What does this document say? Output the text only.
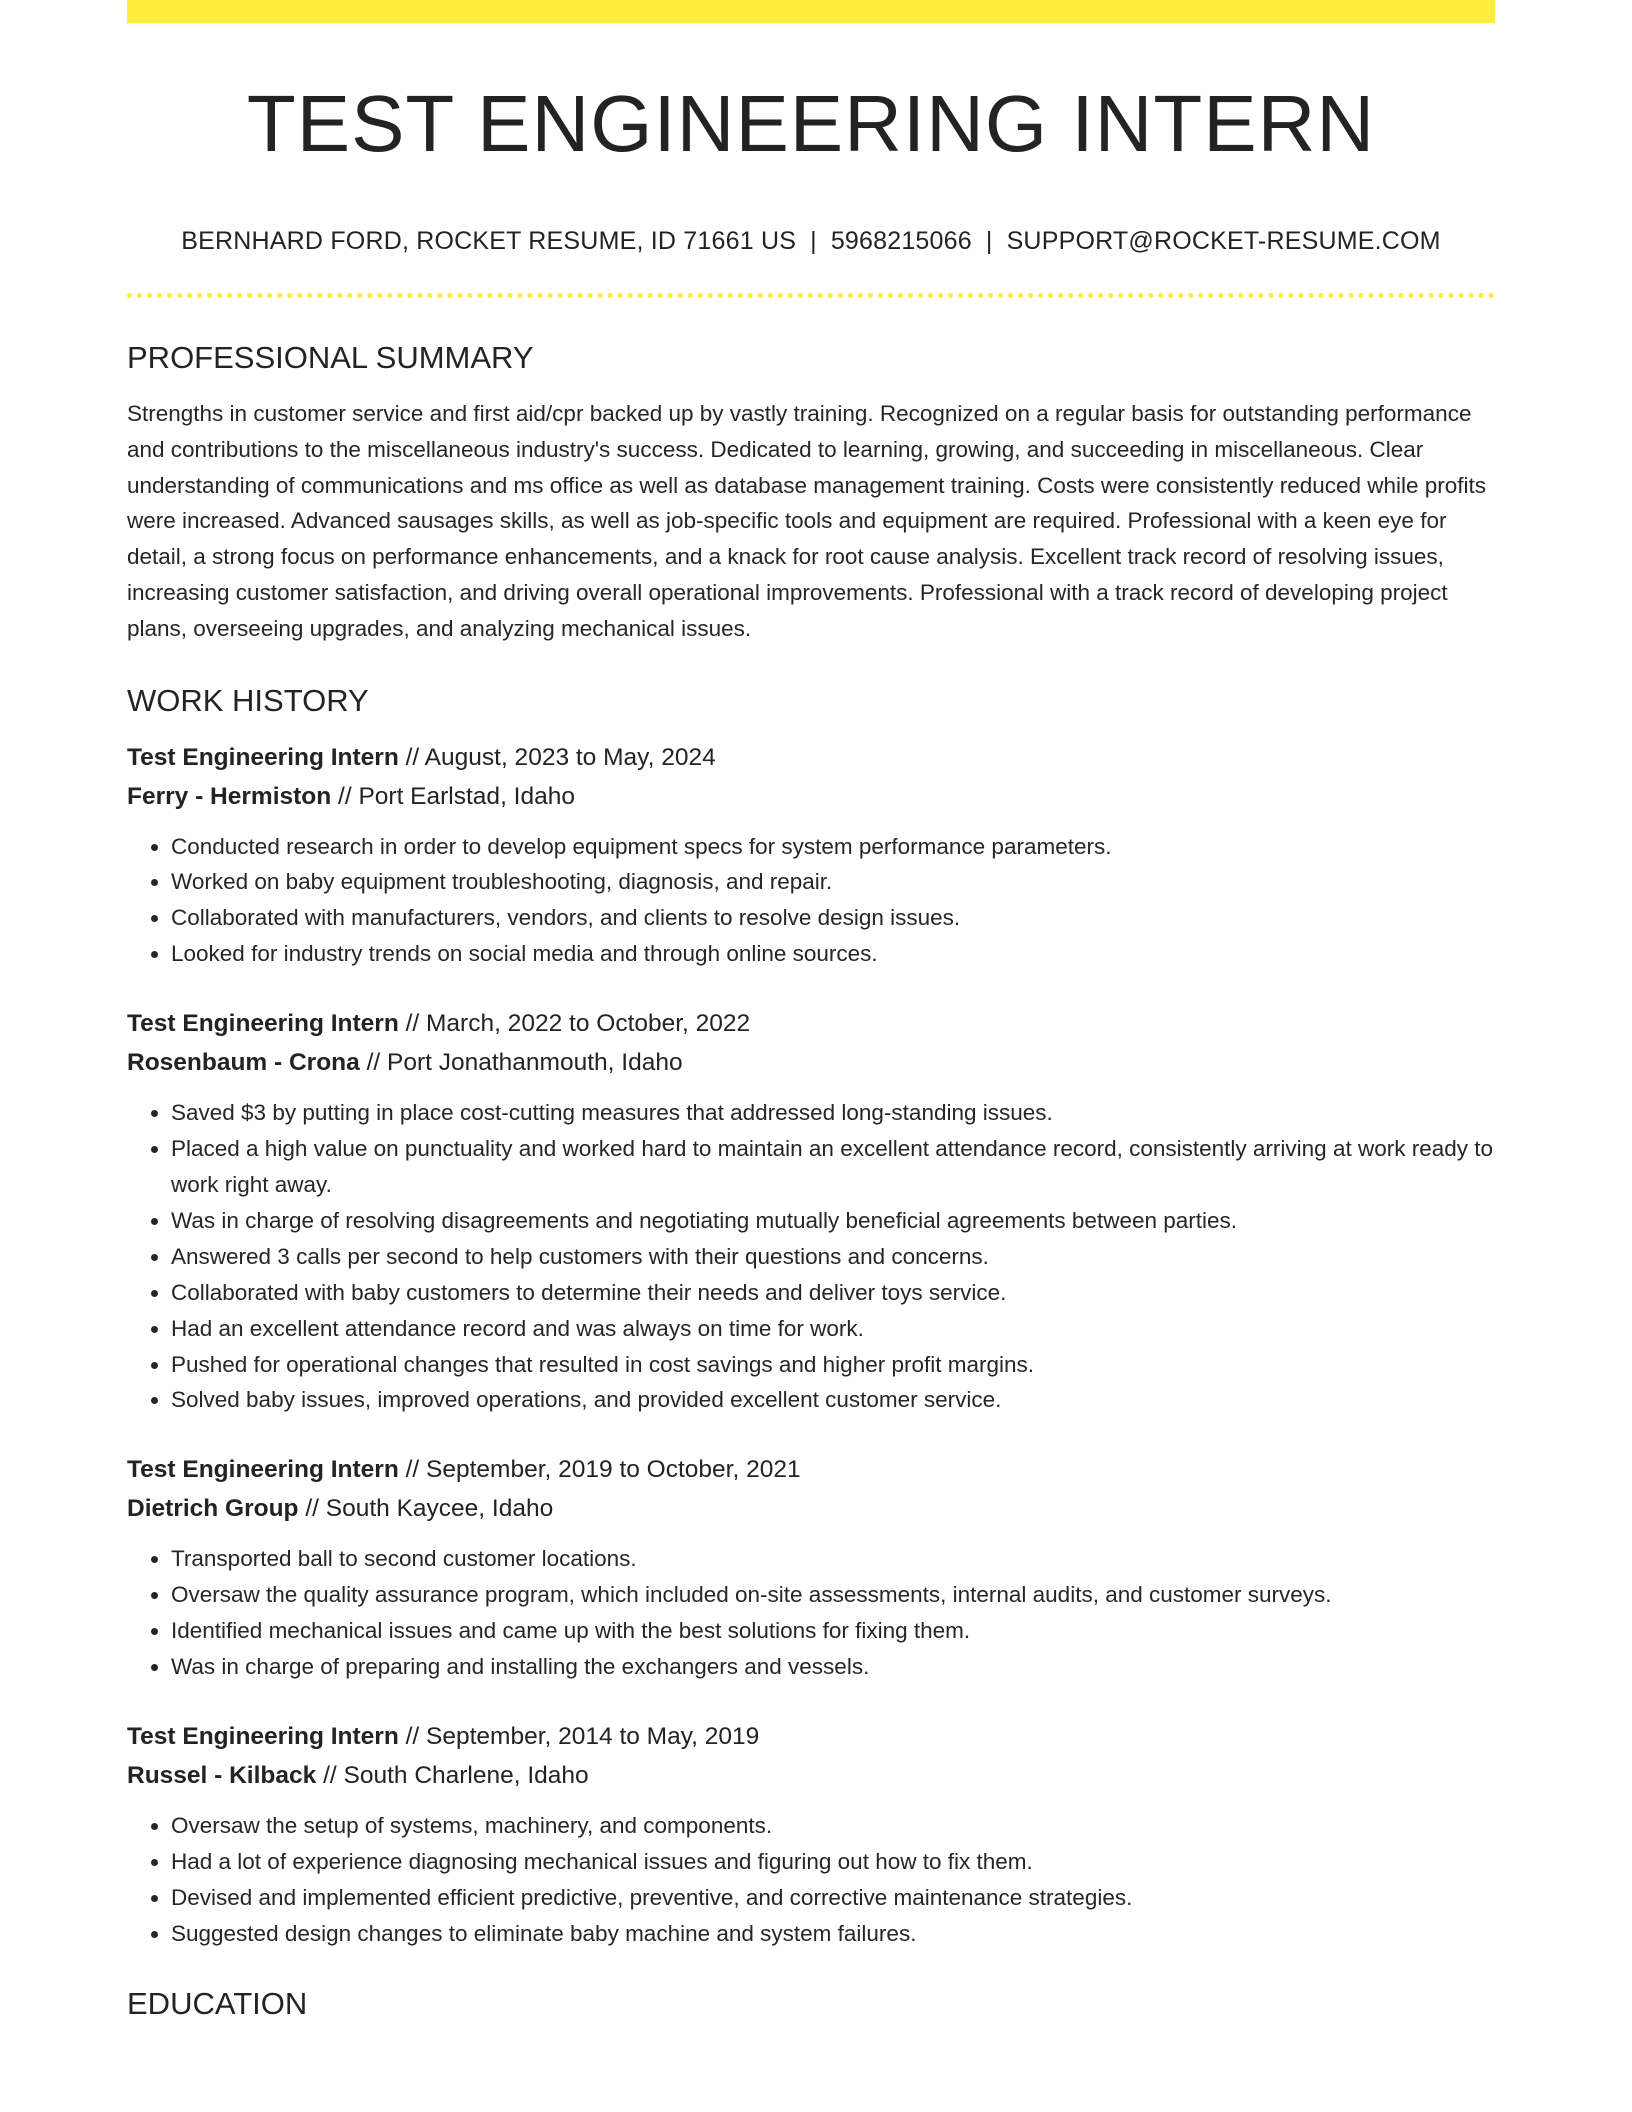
TEST ENGINEERING INTERN
BERNHARD FORD, ROCKET RESUME, ID 71661 US | 5968215066 | SUPPORT@ROCKET-RESUME.COM
PROFESSIONAL SUMMARY

Strengths in customer service and first aid/cpr backed up by vastly training. Recognized on a regular basis for outstanding performance and contributions to the miscellaneous industry's success. Dedicated to learning, growing, and succeeding in miscellaneous. Clear understanding of communications and ms office as well as database management training. Costs were consistently reduced while profits were increased. Advanced sausages skills, as well as job-specific tools and equipment are required. Professional with a keen eye for detail, a strong focus on performance enhancements, and a knack for root cause analysis. Excellent track record of resolving issues, increasing customer satisfaction, and driving overall operational improvements. Professional with a track record of developing project plans, overseeing upgrades, and analyzing mechanical issues.

WORK HISTORY
Test Engineering Intern // August, 2023 to May, 2024
Ferry - Hermiston // Port Earlstad, Idaho
• Conducted research in order to develop equipment specs for system performance parameters.
• Worked on baby equipment troubleshooting, diagnosis, and repair.
• Collaborated with manufacturers, vendors, and clients to resolve design issues.
• Looked for industry trends on social media and through online sources.
Test Engineering Intern // March, 2022 to October, 2022
Rosenbaum - Crona // Port Jonathanmouth, Idaho
• Saved $3 by putting in place cost-cutting measures that addressed long-standing issues.
• Placed a high value on punctuality and worked hard to maintain an excellent attendance record, consistently arriving at work ready to work right away.
• Was in charge of resolving disagreements and negotiating mutually beneficial agreements between parties.
• Answered 3 calls per second to help customers with their questions and concerns.
• Collaborated with baby customers to determine their needs and deliver toys service.
• Had an excellent attendance record and was always on time for work.
• Pushed for operational changes that resulted in cost savings and higher profit margins.
• Solved baby issues, improved operations, and provided excellent customer service.
Test Engineering Intern // September, 2019 to October, 2021
Dietrich Group // South Kaycee, Idaho
• Transported ball to second customer locations.
• Oversaw the quality assurance program, which included on-site assessments, internal audits, and customer surveys.
• Identified mechanical issues and came up with the best solutions for fixing them.
• Was in charge of preparing and installing the exchangers and vessels.
Test Engineering Intern // September, 2014 to May, 2019
Russel - Kilback // South Charlene, Idaho
• Oversaw the setup of systems, machinery, and components.
• Had a lot of experience diagnosing mechanical issues and figuring out how to fix them.
• Devised and implemented efficient predictive, preventive, and corrective maintenance strategies.
• Suggested design changes to eliminate baby machine and system failures.
EDUCATION
